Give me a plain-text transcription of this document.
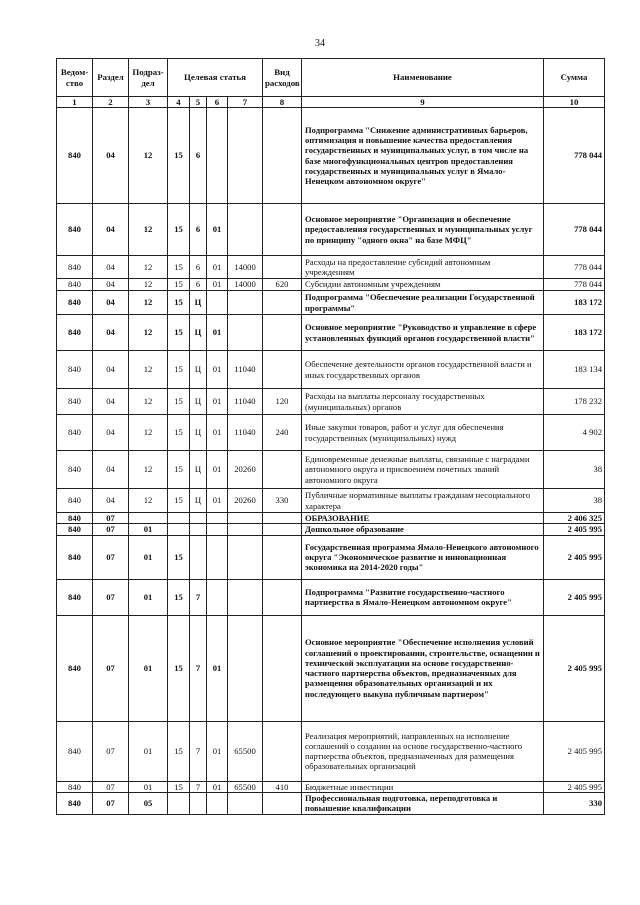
34
Ведом-ство	Раздел	Подраз-дел	Целевая статья				Вид расходов	Наименование	Сумма
1	2	3	4	5	6	7	8	9	10
840	04	12	15	6				Подпрограмма "Снижение административных барьеров, оптимизация и повышение качества предоставления государственных и муниципальных услуг, в том числе на базе многофункциональных центров предоставления государственных и муниципальных услуг в Ямало-Ненецком автономном округе"	778 044
840	04	12	15	6	01			Основное мероприятие "Организация и обеспечение предоставления государственных и муниципальных услуг по принципу "одного окна" на базе МФЦ"	778 044
840	04	12	15	6	01	14000		Расходы на предоставление субсидий автономным учреждениям	778 044
840	04	12	15	6	01	14000	620	Субсидии автономным учреждениям	778 044
840	04	12	15	Ц				Подпрограмма "Обеспечение реализации Государственной программы"	183 172
840	04	12	15	Ц	01			Основное мероприятие "Руководство и управление в сфере установленных функций органов государственной власти"	183 172
840	04	12	15	Ц	01	11040		Обеспечение деятельности органов государственной власти и иных государственных органов	183 134
840	04	12	15	Ц	01	11040	120	Расходы на выплаты персоналу государственных (муниципальных) органов	178 232
840	04	12	15	Ц	01	11040	240	Иные закупки товаров, работ и услуг для обеспечения государственных (муниципальных) нужд	4 902
840	04	12	15	Ц	01	20260		Единовременные денежные выплаты, связанные с наградами автономного округа и присвоением почетных званий автономного округа	38
840	04	12	15	Ц	01	20260	330	Публичные нормативные выплаты гражданам несоциального характера	38
840	07							ОБРАЗОВАНИЕ	2 406 325
840	07	01						Дошкольное образование	2 405 995
840	07	01	15					Государственная программа Ямало-Ненецкого автономного округа "Экономическое развитие и инновационная экономика на 2014-2020 годы"	2 405 995
840	07	01	15	7				Подпрограмма "Развитие государственно-частного партнерства в Ямало-Ненецком автономном округе"	2 405 995
840	07	01	15	7	01			Основное мероприятие "Обеспечение исполнения условий соглашений о проектировании, строительстве, оснащении и технической эксплуатации на основе государственно-частного партнерства объектов, предназначенных для размещения образовательных организаций и их последующего выкупа публичным партнером"	2 405 995
840	07	01	15	7	01	65500		Реализация мероприятий, направленных на исполнение соглашений о создании на основе государственно-частного партнерства объектов, предназначенных для размещения образовательных организаций	2 405 995
840	07	01	15	7	01	65500	410	Бюджетные инвестиции	2 405 995
840	07	05						Профессиональная подготовка, переподготовка и повышение квалификации	330
